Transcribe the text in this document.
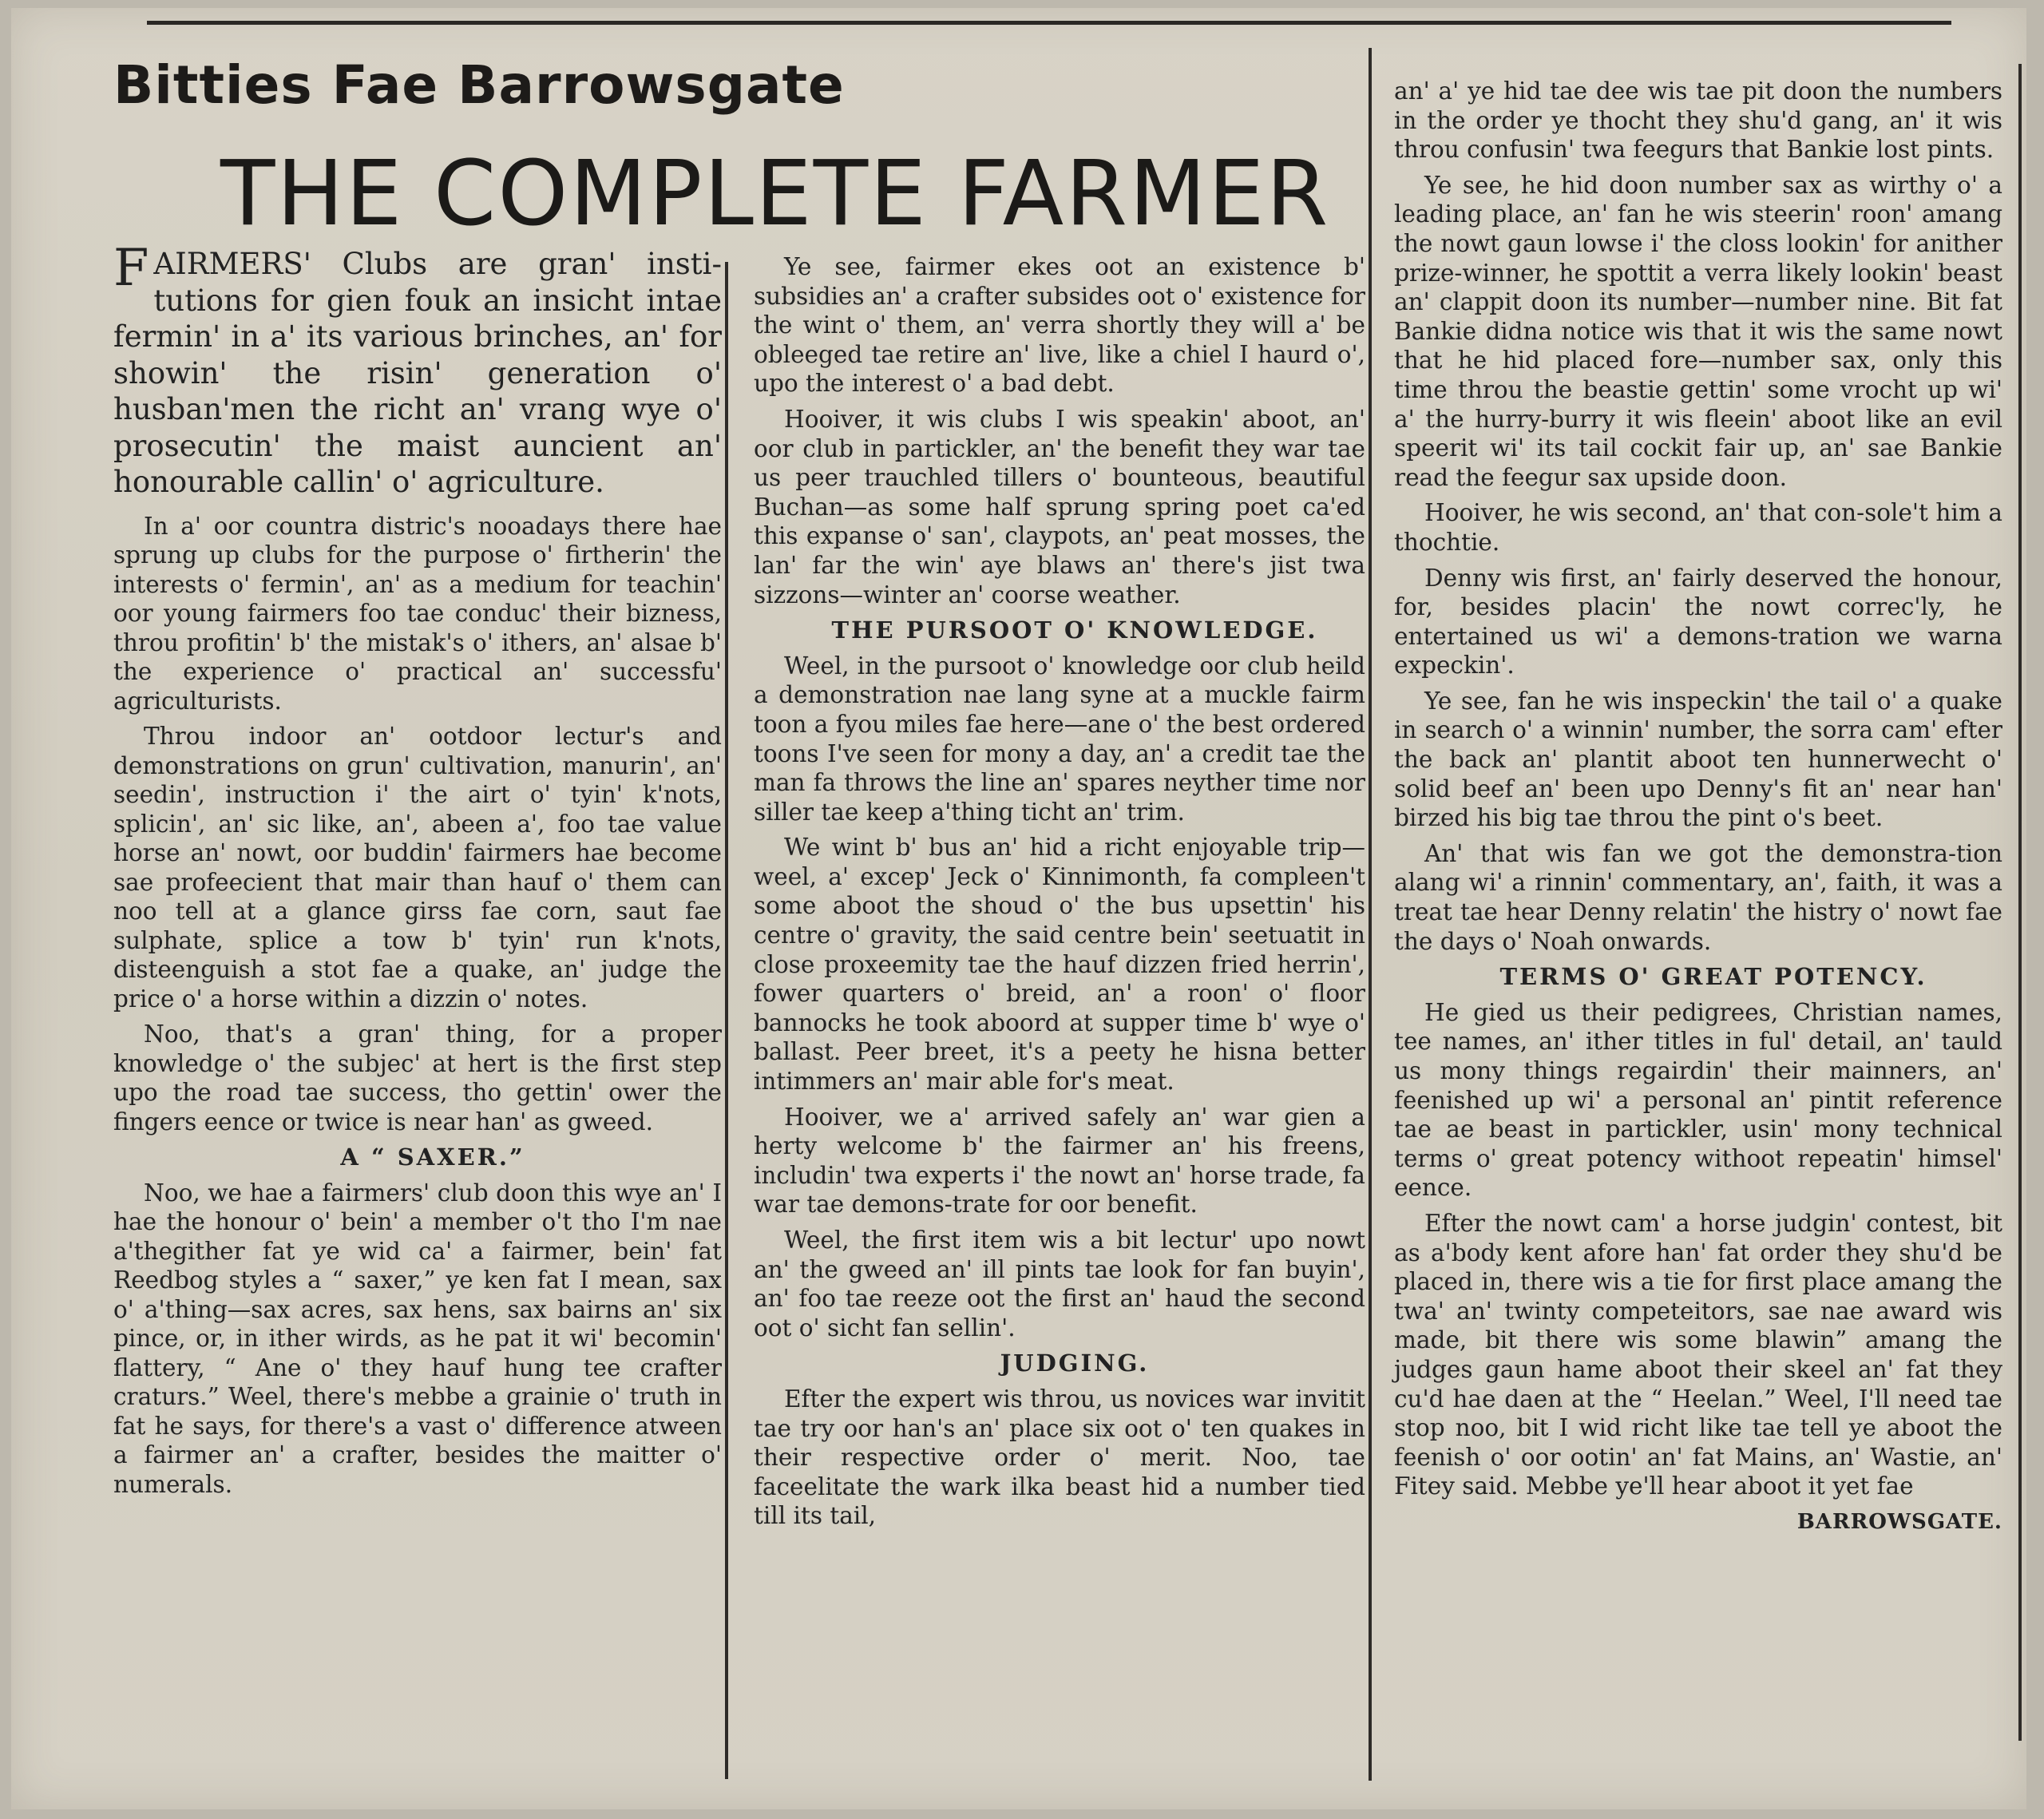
Bitties Fae Barrowsgate
THE COMPLETE FARMER

FAIRMERS' Clubs are gran' insti-tutions for gien fouk an insicht intae fermin' in a' its various brinches, an' for showin' the risin' generation o' husban'men the richt an' vrang wye o' prosecutin' the maist auncient an' honourable callin' o' agriculture.

In a' oor countra distric's nooadays there hae sprung up clubs for the purpose o' firtherin' the interests o' fermin', an' as a medium for teachin' oor young fairmers foo tae conduc' their bizness, throu profitin' b' the mistak's o' ithers, an' alsae b' the experience o' practical an' successfu' agriculturists.

Throu indoor an' ootdoor lectur's and demonstrations on grun' cultivation, manurin', an' seedin', instruction i' the airt o' tyin' k'nots, splicin', an' sic like, an', abeen a', foo tae value horse an' nowt, oor buddin' fairmers hae become sae profeecient that mair than hauf o' them can noo tell at a glance girss fae corn, saut fae sulphate, splice a tow b' tyin' run k'nots, disteenguish a stot fae a quake, an' judge the price o' a horse within a dizzin o' notes.

Noo, that's a gran' thing, for a proper knowledge o' the subjec' at hert is the first step upo the road tae success, tho gettin' ower the fingers eence or twice is near han' as gweed.

A “ SAXER.”

Noo, we hae a fairmers' club doon this wye an' I hae the honour o' bein' a member o't tho I'm nae a'thegither fat ye wid ca' a fairmer, bein' fat Reedbog styles a “ saxer,” ye ken fat I mean, sax o' a'thing—sax acres, sax hens, sax bairns an' six pince, or, in ither wirds, as he pat it wi' becomin' flattery, “ Ane o' they hauf hung tee crafter craturs.” Weel, there's mebbe a grainie o' truth in fat he says, for there's a vast o' difference atween a fairmer an' a crafter, besides the maitter o' numerals.

Ye see, fairmer ekes oot an existence b' subsidies an' a crafter subsides oot o' existence for the wint o' them, an' verra shortly they will a' be obleeged tae retire an' live, like a chiel I haurd o', upo the interest o' a bad debt.

Hooiver, it wis clubs I wis speakin' aboot, an' oor club in partickler, an' the benefit they war tae us peer trauchled tillers o' bounteous, beautiful Buchan—as some half sprung spring poet ca'ed this expanse o' san', claypots, an' peat mosses, the lan' far the win' aye blaws an' there's jist twa sizzons—winter an' coorse weather.

THE PURSOOT O' KNOWLEDGE.

Weel, in the pursoot o' knowledge oor club heild a demonstration nae lang syne at a muckle fairm toon a fyou miles fae here—ane o' the best ordered toons I've seen for mony a day, an' a credit tae the man fa throws the line an' spares neyther time nor siller tae keep a'thing ticht an' trim.

We wint b' bus an' hid a richt enjoyable trip—weel, a' excep' Jeck o' Kinnimonth, fa compleen't some aboot the shoud o' the bus upsettin' his centre o' gravity, the said centre bein' seetuatit in close proxeemity tae the hauf dizzen fried herrin', fower quarters o' breid, an' a roon' o' floor bannocks he took aboord at supper time b' wye o' ballast. Peer breet, it's a peety he hisna better intimmers an' mair able for's meat.

Hooiver, we a' arrived safely an' war gien a herty welcome b' the fairmer an' his freens, includin' twa experts i' the nowt an' horse trade, fa war tae demons-trate for oor benefit.

Weel, the first item wis a bit lectur' upo nowt an' the gweed an' ill pints tae look for fan buyin', an' foo tae reeze oot the first an' haud the second oot o' sicht fan sellin'.

JUDGING.

Efter the expert wis throu, us novices war invitit tae try oor han's an' place six oot o' ten quakes in their respective order o' merit. Noo, tae faceelitate the wark ilka beast hid a number tied till its tail,

an' a' ye hid tae dee wis tae pit doon the numbers in the order ye thocht they shu'd gang, an' it wis throu confusin' twa feegurs that Bankie lost pints.

Ye see, he hid doon number sax as wirthy o' a leading place, an' fan he wis steerin' roon' amang the nowt gaun lowse i' the closs lookin' for anither prize-winner, he spottit a verra likely lookin' beast an' clappit doon its number—number nine. Bit fat Bankie didna notice wis that it wis the same nowt that he hid placed fore—number sax, only this time throu the beastie gettin' some vrocht up wi' a' the hurry-burry it wis fleein' aboot like an evil speerit wi' its tail cockit fair up, an' sae Bankie read the feegur sax upside doon.

Hooiver, he wis second, an' that con-sole't him a thochtie.

Denny wis first, an' fairly deserved the honour, for, besides placin' the nowt correc'ly, he entertained us wi' a demons-tration we warna expeckin'.

Ye see, fan he wis inspeckin' the tail o' a quake in search o' a winnin' number, the sorra cam' efter the back an' plantit aboot ten hunnerwecht o' solid beef an' been upo Denny's fit an' near han' birzed his big tae throu the pint o's beet.

An' that wis fan we got the demonstra-tion alang wi' a rinnin' commentary, an', faith, it was a treat tae hear Denny relatin' the histry o' nowt fae the days o' Noah onwards.

TERMS O' GREAT POTENCY.

He gied us their pedigrees, Christian names, tee names, an' ither titles in ful' detail, an' tauld us mony things regairdin' their mainners, an' feenished up wi' a personal an' pintit reference tae ae beast in partickler, usin' mony technical terms o' great potency withoot repeatin' himsel' eence.

Efter the nowt cam' a horse judgin' contest, bit as a'body kent afore han' fat order they shu'd be placed in, there wis a tie for first place amang the twa' an' twinty competeitors, sae nae award wis made, bit there wis some blawin” amang the judges gaun hame aboot their skeel an' fat they cu'd hae daen at the “ Heelan.” Weel, I'll need tae stop noo, bit I wid richt like tae tell ye aboot the feenish o' oor ootin' an' fat Mains, an' Wastie, an' Fitey said. Mebbe ye'll hear aboot it yet fae

BARROWSGATE.
